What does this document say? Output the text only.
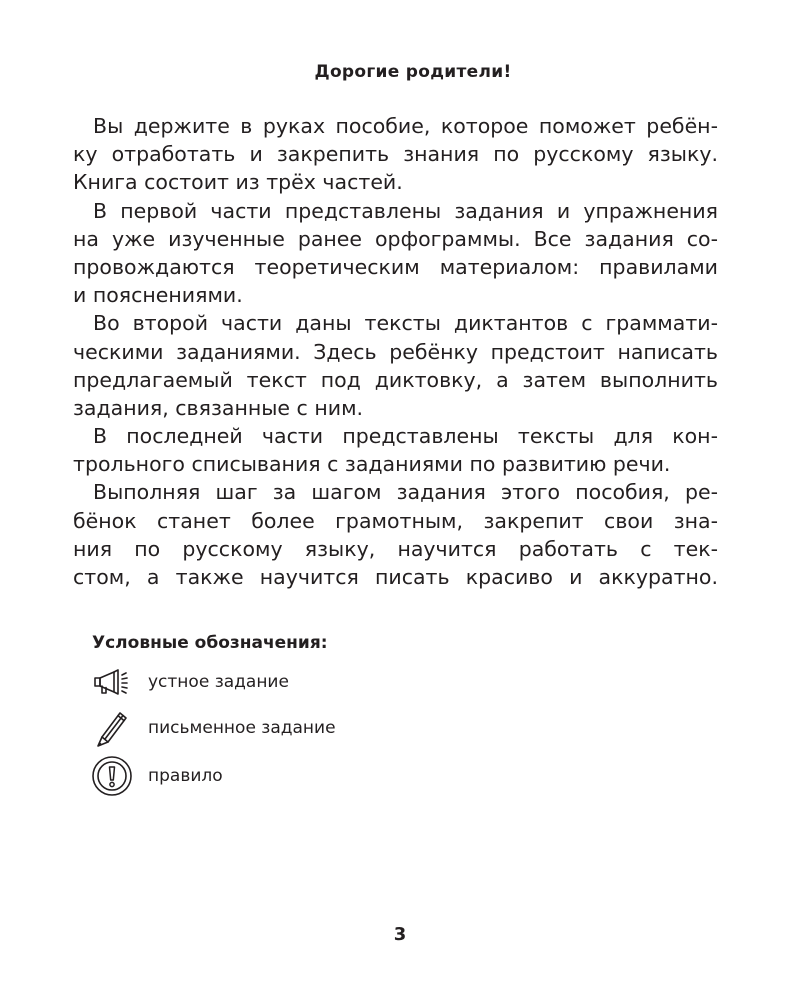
Дорогие родители!
Вы держите в руках пособие, которое поможет ребён-
ку отработать и закрепить знания по русскому языку.
Книга состоит из трёх частей.
В первой части представлены задания и упражнения
на уже изученные ранее орфограммы. Все задания со-
провождаются теоретическим материалом: правилами
и пояснениями.
Во второй части даны тексты диктантов с граммати-
ческими заданиями. Здесь ребёнку предстоит написать
предлагаемый текст под диктовку, а затем выполнить
задания, связанные с ним.
В последней части представлены тексты для кон-
трольного списывания с заданиями по развитию речи.
Выполняя шаг за шагом задания этого пособия, ре-
бёнок станет более грамотным, закрепит свои зна-
ния по русскому языку, научится работать с тек-
стом, а также научится писать красиво и аккуратно.
Условные обозначения:
устное задание
письменное задание
правило
3
